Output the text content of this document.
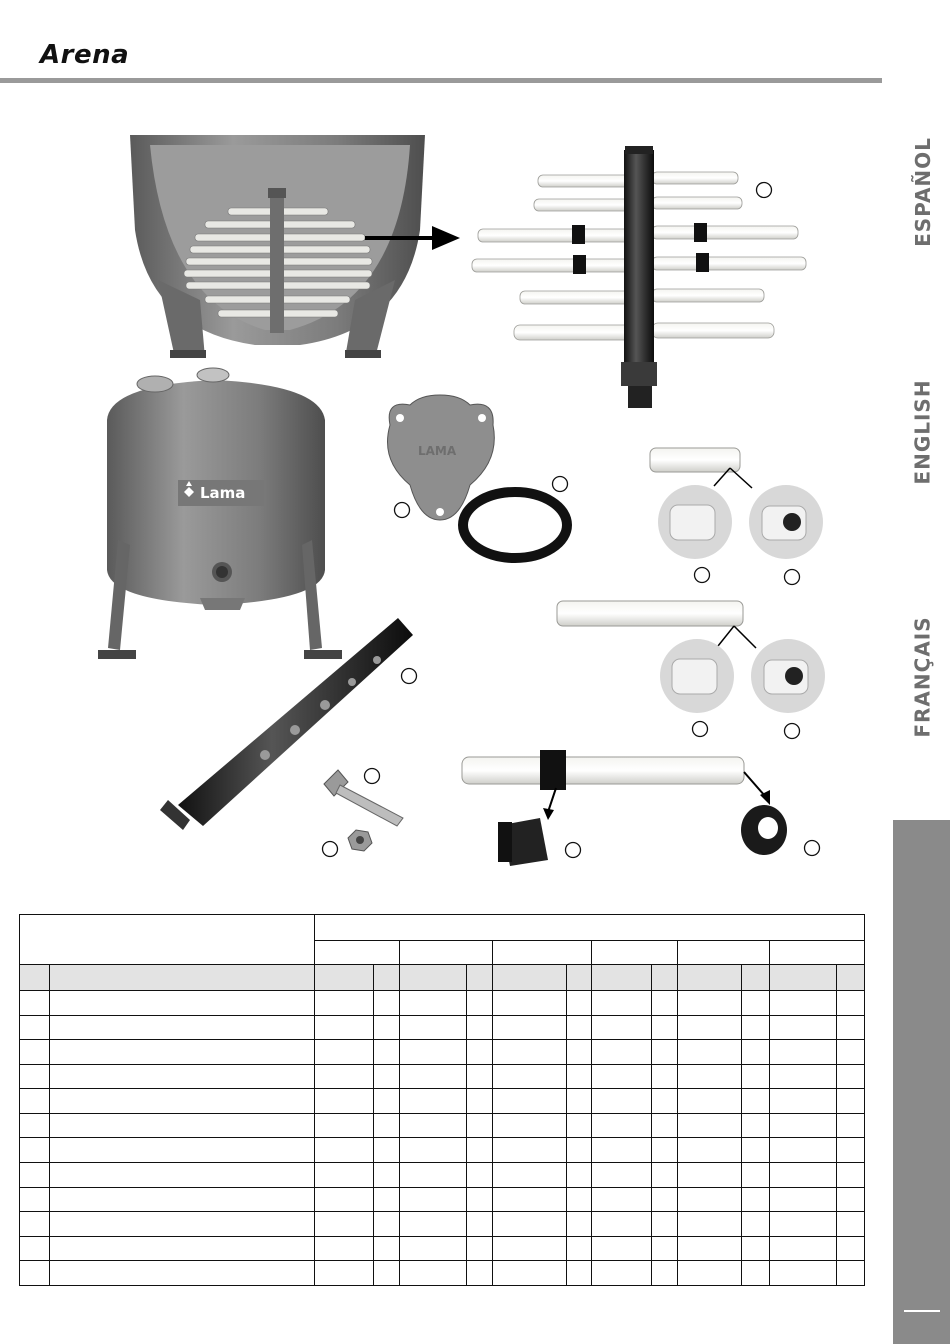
Arena
ESPAÑOL
ENGLISH
FRANÇAIS
Lama
LAMA
